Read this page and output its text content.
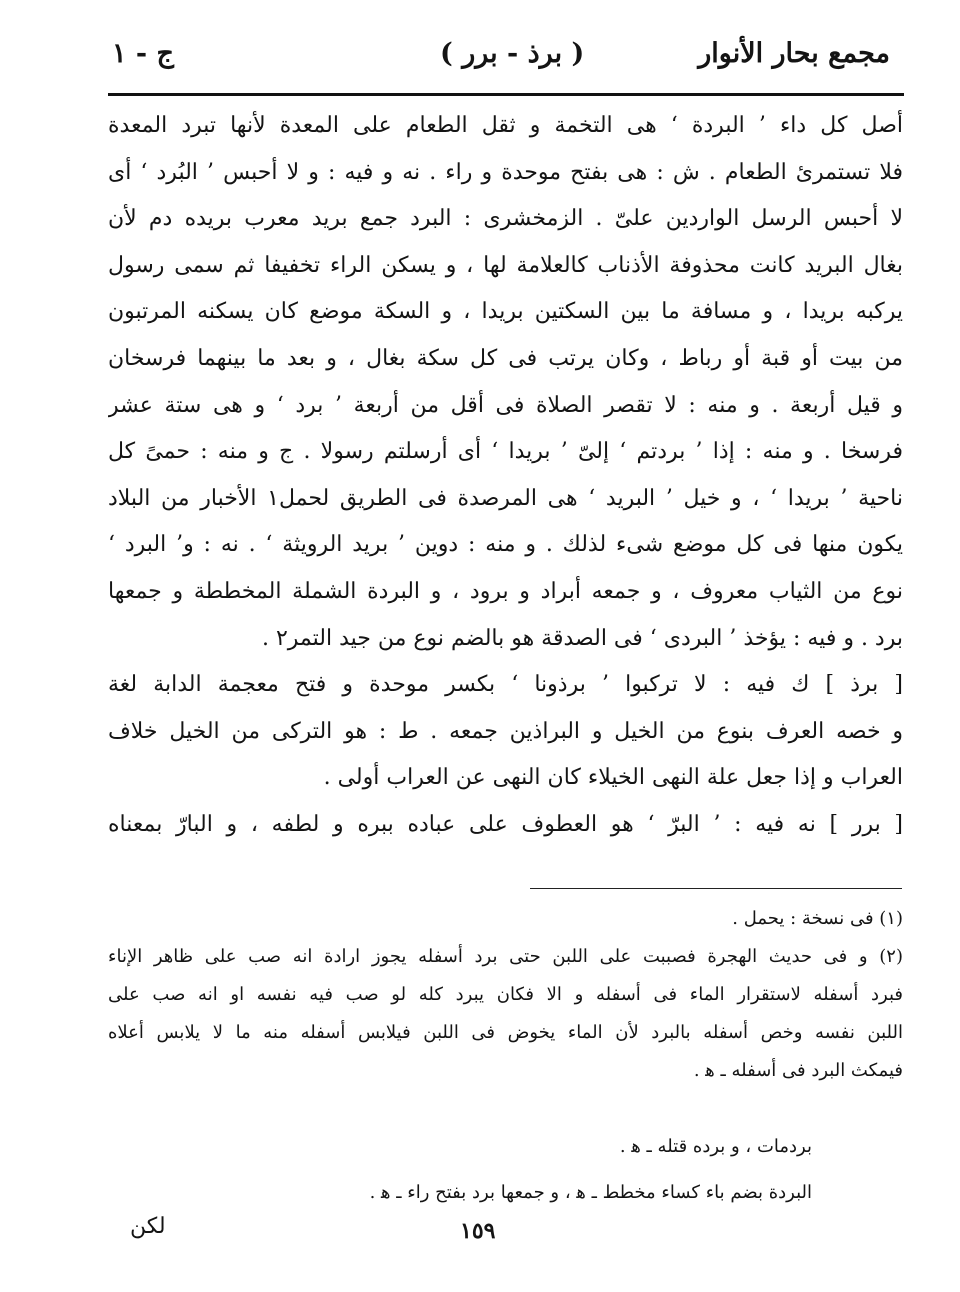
مجمع بحار الأنوار
( برذ - برر )
ج - ١
أصل كل داء ’ البردة ‘ هى التخمة و ثقل الطعام على المعدة لأنها تبرد المعدة
فلا تستمرئ الطعام . ش : هى بفتح موحدة و راء . نه و فيه : و لا أحبس ’ البُرد ‘ أى
لا أحبس الرسل الواردين علىّ . الزمخشرى : البرد جمع بريد معرب بريده دم لأن
بغال البريد كانت محذوفة الأذناب كالعلامة لها ، و يسكن الراء تخفيفا ثم سمى رسول
يركبه بريدا ، و مسافة ما بين السكتين بريدا ، و السكة موضع كان يسكنه المرتبون
من بيت أو قبة أو رباط ، وكان يرتب فى كل سكة بغال ، و بعد ما بينهما فرسخان
و قيل أربعة . و منه : لا تقصر الصلاة فى أقل من أربعة ’ برد ‘ و هى ستة عشر
فرسخا . و منه : إذا ’ بردتم ‘ إلىّ ’ بريدا ‘ أى أرسلتم رسولا . ج و منه : حمىً كل
ناحية ’ بريدا ‘ ، و خيل ’ البريد ‘ هى المرصدة فى الطريق لحمل١ الأخبار من البلاد
يكون منها فى كل موضع شىء لذلك . و منه : دوين ’ بريد الرويثة ‘ . نه : و’ البرد ‘
نوع من الثياب معروف ، و جمعه أبراد و برود ، و البردة الشملة المخططة و جمعها
برد . و فيه : يؤخذ ’ البردى ‘ فى الصدقة هو بالضم نوع من جيد التمر٢ .
[ برذ ] ك فيه : لا تركبوا ’ برذونا ‘ بكسر موحدة و فتح معجمة الدابة لغة
و خصه العرف بنوع من الخيل و البراذين جمعه . ط : هو التركى من الخيل خلاف
العراب و إذا جعل علة النهى الخيلاء كان النهى عن العراب أولى .
[ برر ] نه فيه : ’ البرّ ‘ هو العطوف على عباده ببره و لطفه ، و البارّ بمعناه
(١) فى نسخة : يحمل .
(٢) و فى حديث الهجرة فصببت على اللبن حتى برد أسفله يجوز ارادة انه صب على ظاهر الإناء
فبرد أسفله لاستقرار الماء فى أسفله و الا فكان يبرد كله لو صب فيه نفسه او انه صب على
اللبن نفسه وخص أسفله بالبرد لأن الماء يخوض فى اللبن فيلابس أسفله منه ما لا يلابس أعلاه
فيمكث البرد فى أسفله ـ ﻫ .
بردمات ، و برده قتله ـ ﻫ .
البردة بضم باء كساء مخطط ـ ﻫ ، و جمعها برد بفتح راء ـ ﻫ .
١٥٩
لكن
